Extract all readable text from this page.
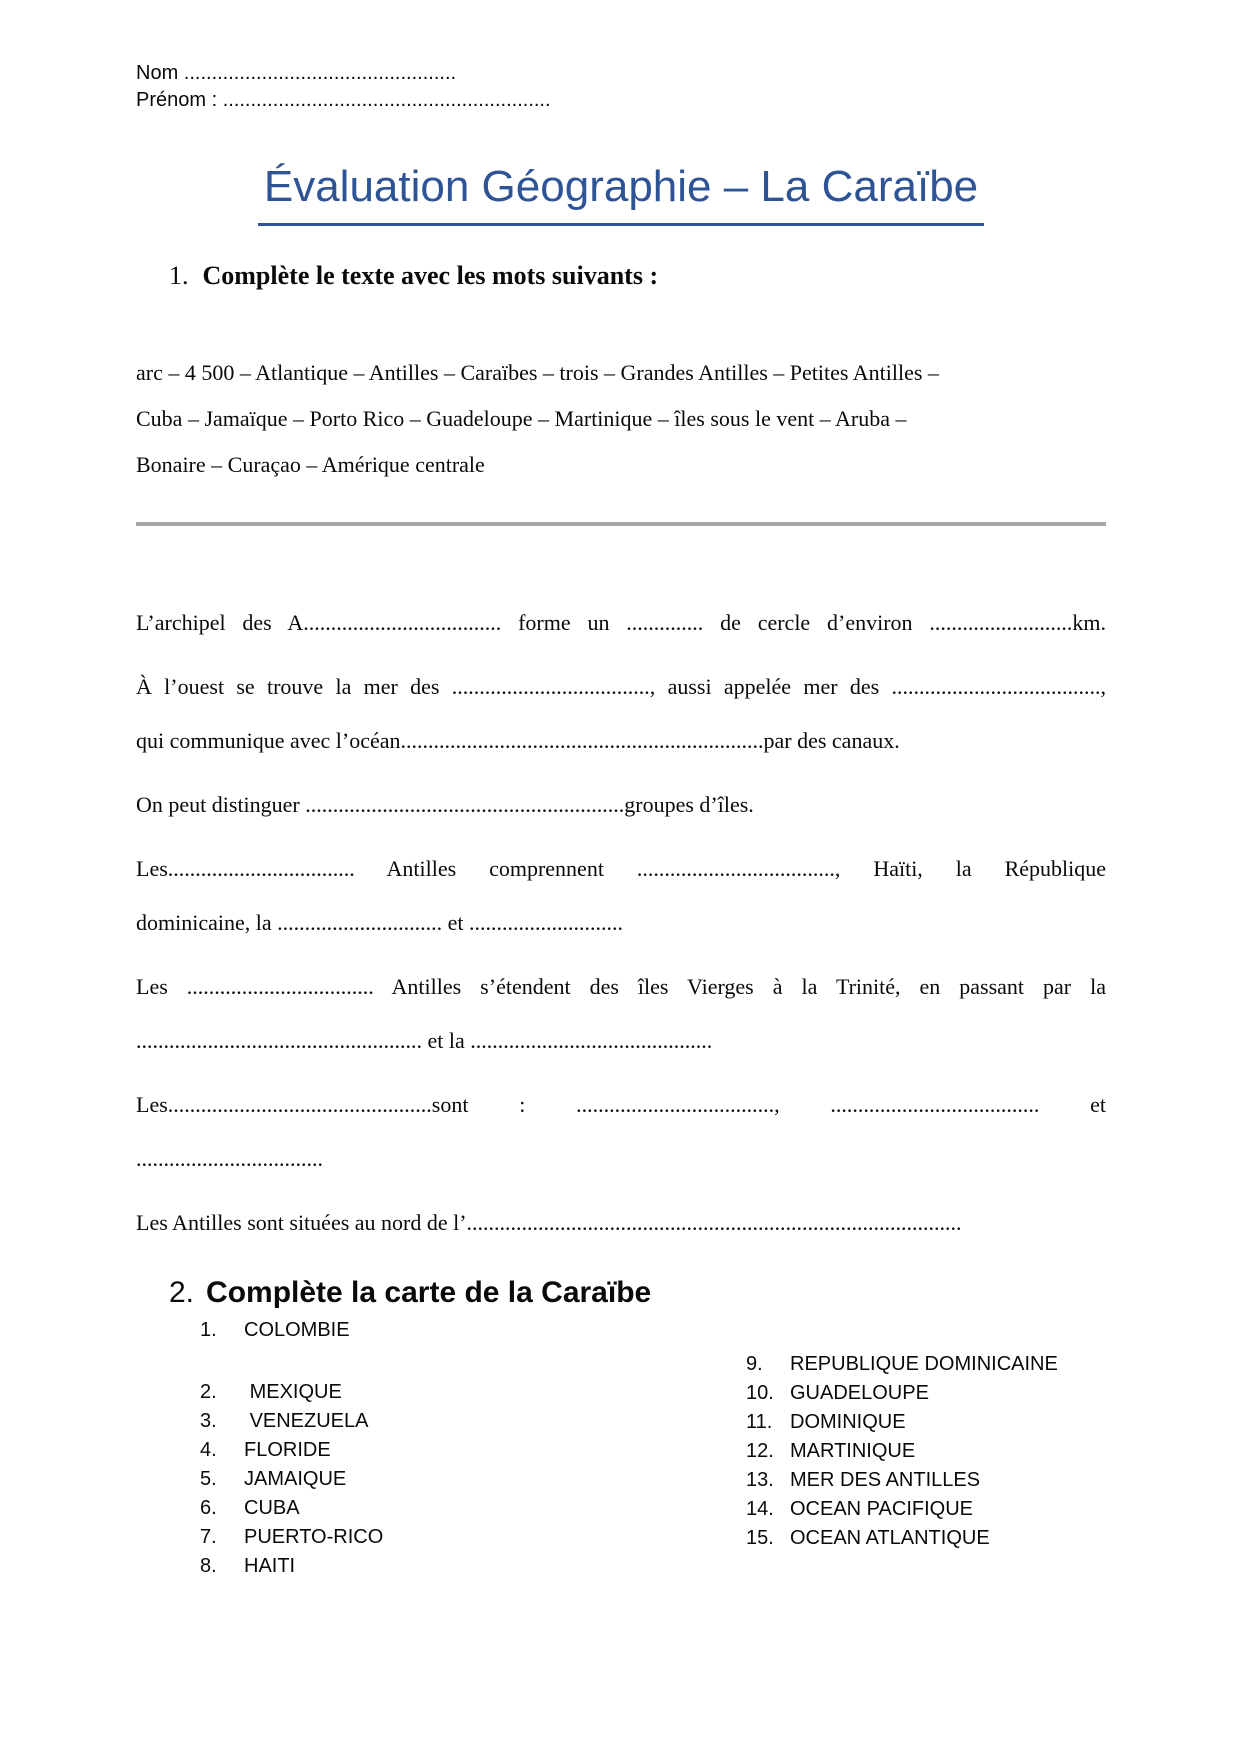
Nom .................................................
Prénom : ...........................................................
Évaluation Géographie – La Caraïbe
1. Complète le texte avec les mots suivants :
arc – 4 500 – Atlantique – Antilles – Caraïbes – trois – Grandes Antilles – Petites Antilles –
Cuba – Jamaïque – Porto Rico – Guadeloupe – Martinique – îles sous le vent – Aruba –
Bonaire – Curaçao – Amérique centrale
L’archipel des A.................................... forme un .............. de cercle d’environ ..........................km.
À l’ouest se trouve la mer des ...................................., aussi appelée mer des ......................................,
qui communique avec l’océan..................................................................par des canaux.
On peut distinguer ..........................................................groupes d’îles.
Les.................................. Antilles comprennent ...................................., Haïti, la République
dominicaine, la .............................. et ............................
Les .................................. Antilles s’étendent des îles Vierges à la Trinité, en passant par la
.................................................... et la ............................................
Les................................................sont : ...................................., ...................................... et
..................................
Les Antilles sont situées au nord de l’..........................................................................................
2. Complète la carte de la Caraïbe
1.	COLOMBIE
2.	MEXIQUE
3.	VENEZUELA
4.	FLORIDE
5.	JAMAIQUE
6.	CUBA
7.	PUERTO-RICO
8.	HAITI
9.	REPUBLIQUE DOMINICAINE
10. GUADELOUPE
11. DOMINIQUE
12. MARTINIQUE
13. MER DES ANTILLES
14. OCEAN PACIFIQUE
15. OCEAN ATLANTIQUE
